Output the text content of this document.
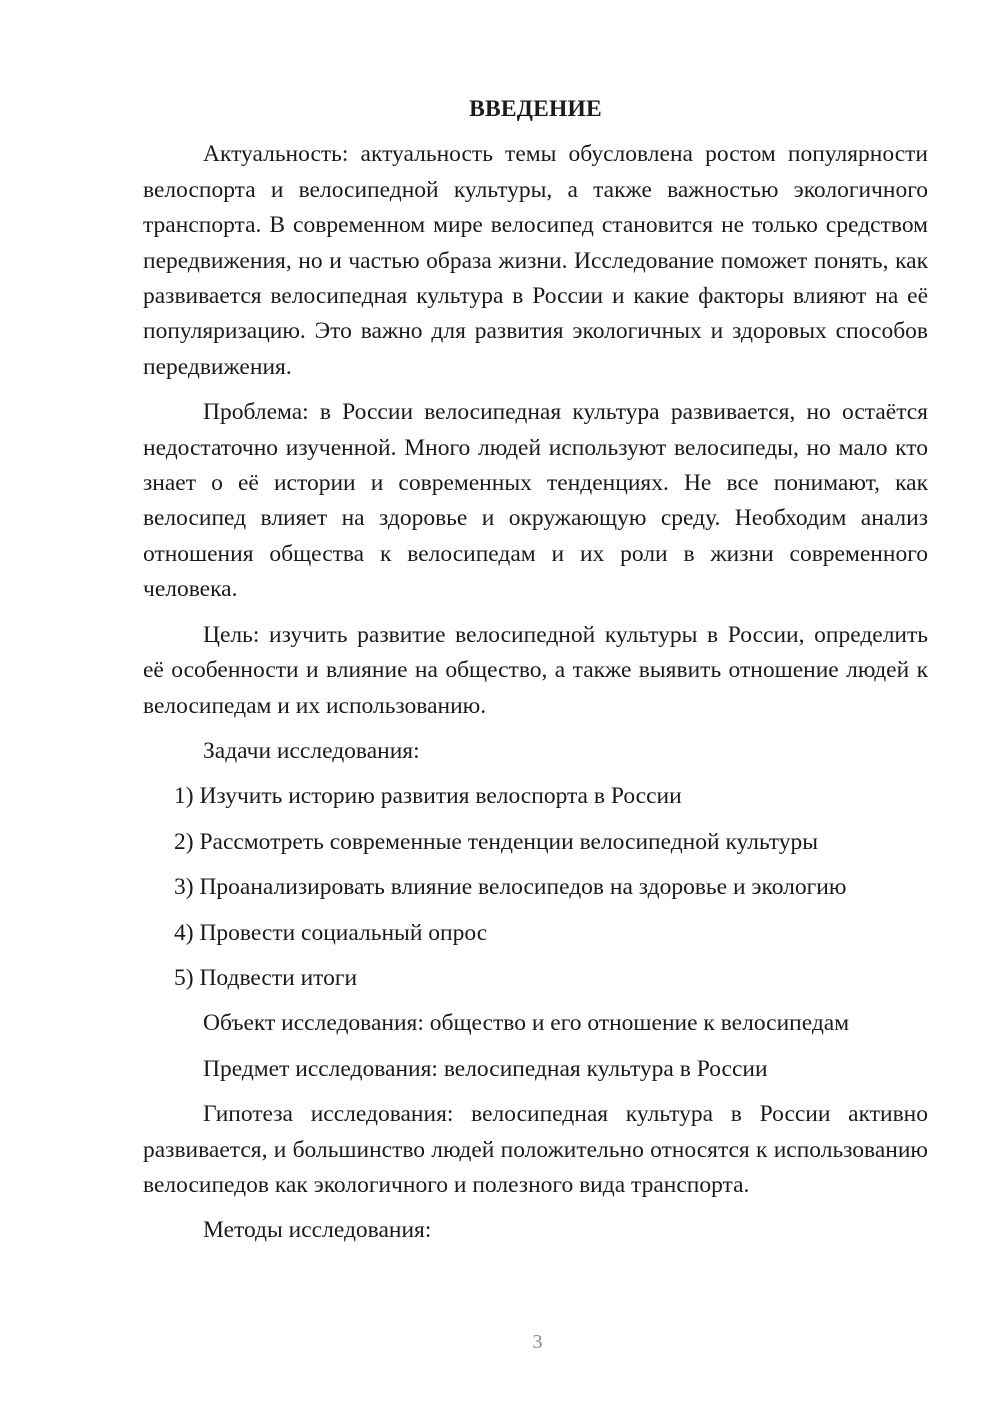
ВВЕДЕНИЕ

Актуальность: актуальность темы обусловлена ростом популярности велоспорта и велосипедной культуры, а также важностью экологичного транспорта. В современном мире велосипед становится не только средством передвижения, но и частью образа жизни. Исследование поможет понять, как развивается велосипедная культура в России и какие факторы влияют на её популяризацию. Это важно для развития экологичных и здоровых способов передвижения.

Проблема: в России велосипедная культура развивается, но остаётся недостаточно изученной. Много людей используют велосипеды, но мало кто знает о её истории и современных тенденциях. Не все понимают, как велосипед влияет на здоровье и окружающую среду. Необходим анализ отношения общества к велосипедам и их роли в жизни современного человека.

Цель: изучить развитие велосипедной культуры в России, определить её особенности и влияние на общество, а также выявить отношение людей к велосипедам и их использованию.

Задачи исследования:
1) Изучить историю развития велоспорта в России
2) Рассмотреть современные тенденции велосипедной культуры
3) Проанализировать влияние велосипедов на здоровье и экологию
4) Провести социальный опрос
5) Подвести итоги
Объект исследования: общество и его отношение к велосипедам
Предмет исследования: велосипедная культура в России

Гипотеза исследования: велосипедная культура в России активно развивается, и большинство людей положительно относятся к использованию велосипедов как экологичного и полезного вида транспорта.

Методы исследования:
3
